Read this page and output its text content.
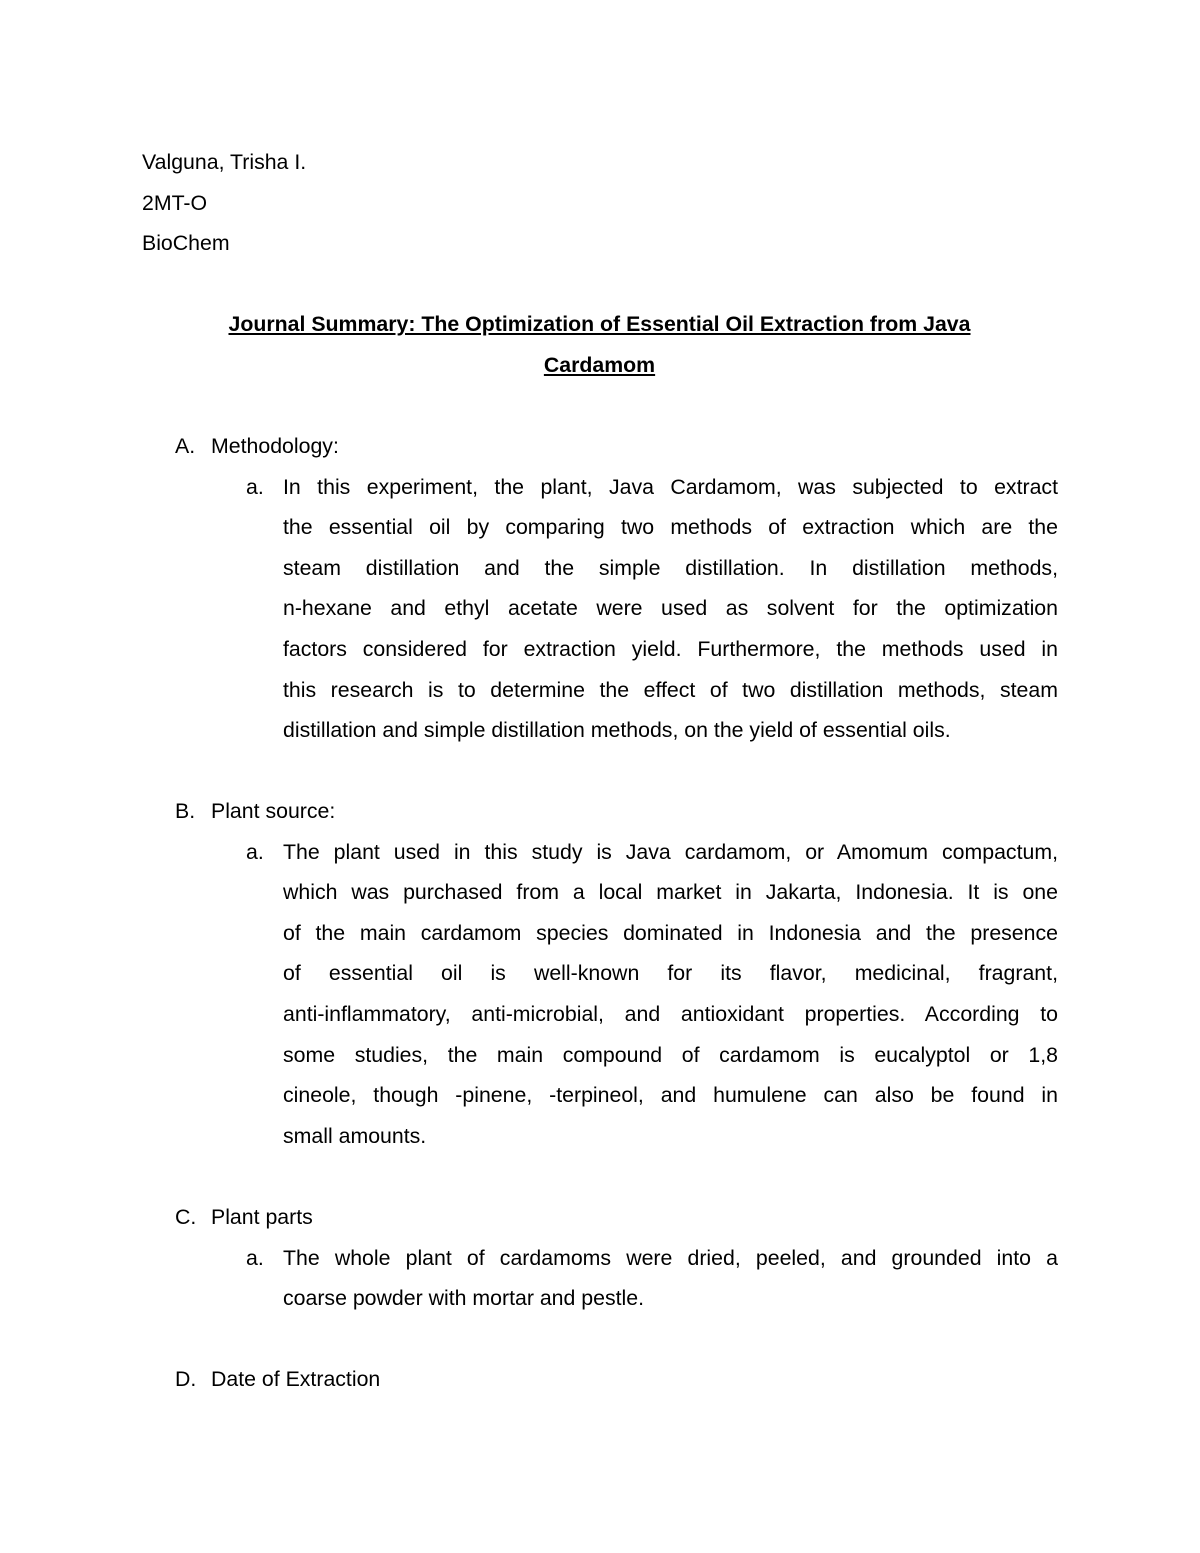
Valguna, Trisha I.
2MT-O
BioChem
Journal Summary: The Optimization of Essential Oil Extraction from Java
Cardamom
A. Methodology:
a. In this experiment, the plant, Java Cardamom, was subjected to extract
the essential oil by comparing two methods of extraction which are the
steam distillation and the simple distillation. In distillation methods,
n-hexane and ethyl acetate were used as solvent for the optimization
factors considered for extraction yield. Furthermore, the methods used in
this research is to determine the effect of two distillation methods, steam
distillation and simple distillation methods, on the yield of essential oils.
B. Plant source:
a. The plant used in this study is Java cardamom, or Amomum compactum,
which was purchased from a local market in Jakarta, Indonesia. It is one
of the main cardamom species dominated in Indonesia and the presence
of essential oil is well-known for its flavor, medicinal, fragrant,
anti-inflammatory, anti-microbial, and antioxidant properties. According to
some studies, the main compound of cardamom is eucalyptol or 1,8
cineole, though -pinene, -terpineol, and humulene can also be found in
small amounts.
C. Plant parts
a. The whole plant of cardamoms were dried, peeled, and grounded into a
coarse powder with mortar and pestle.
D. Date of Extraction
